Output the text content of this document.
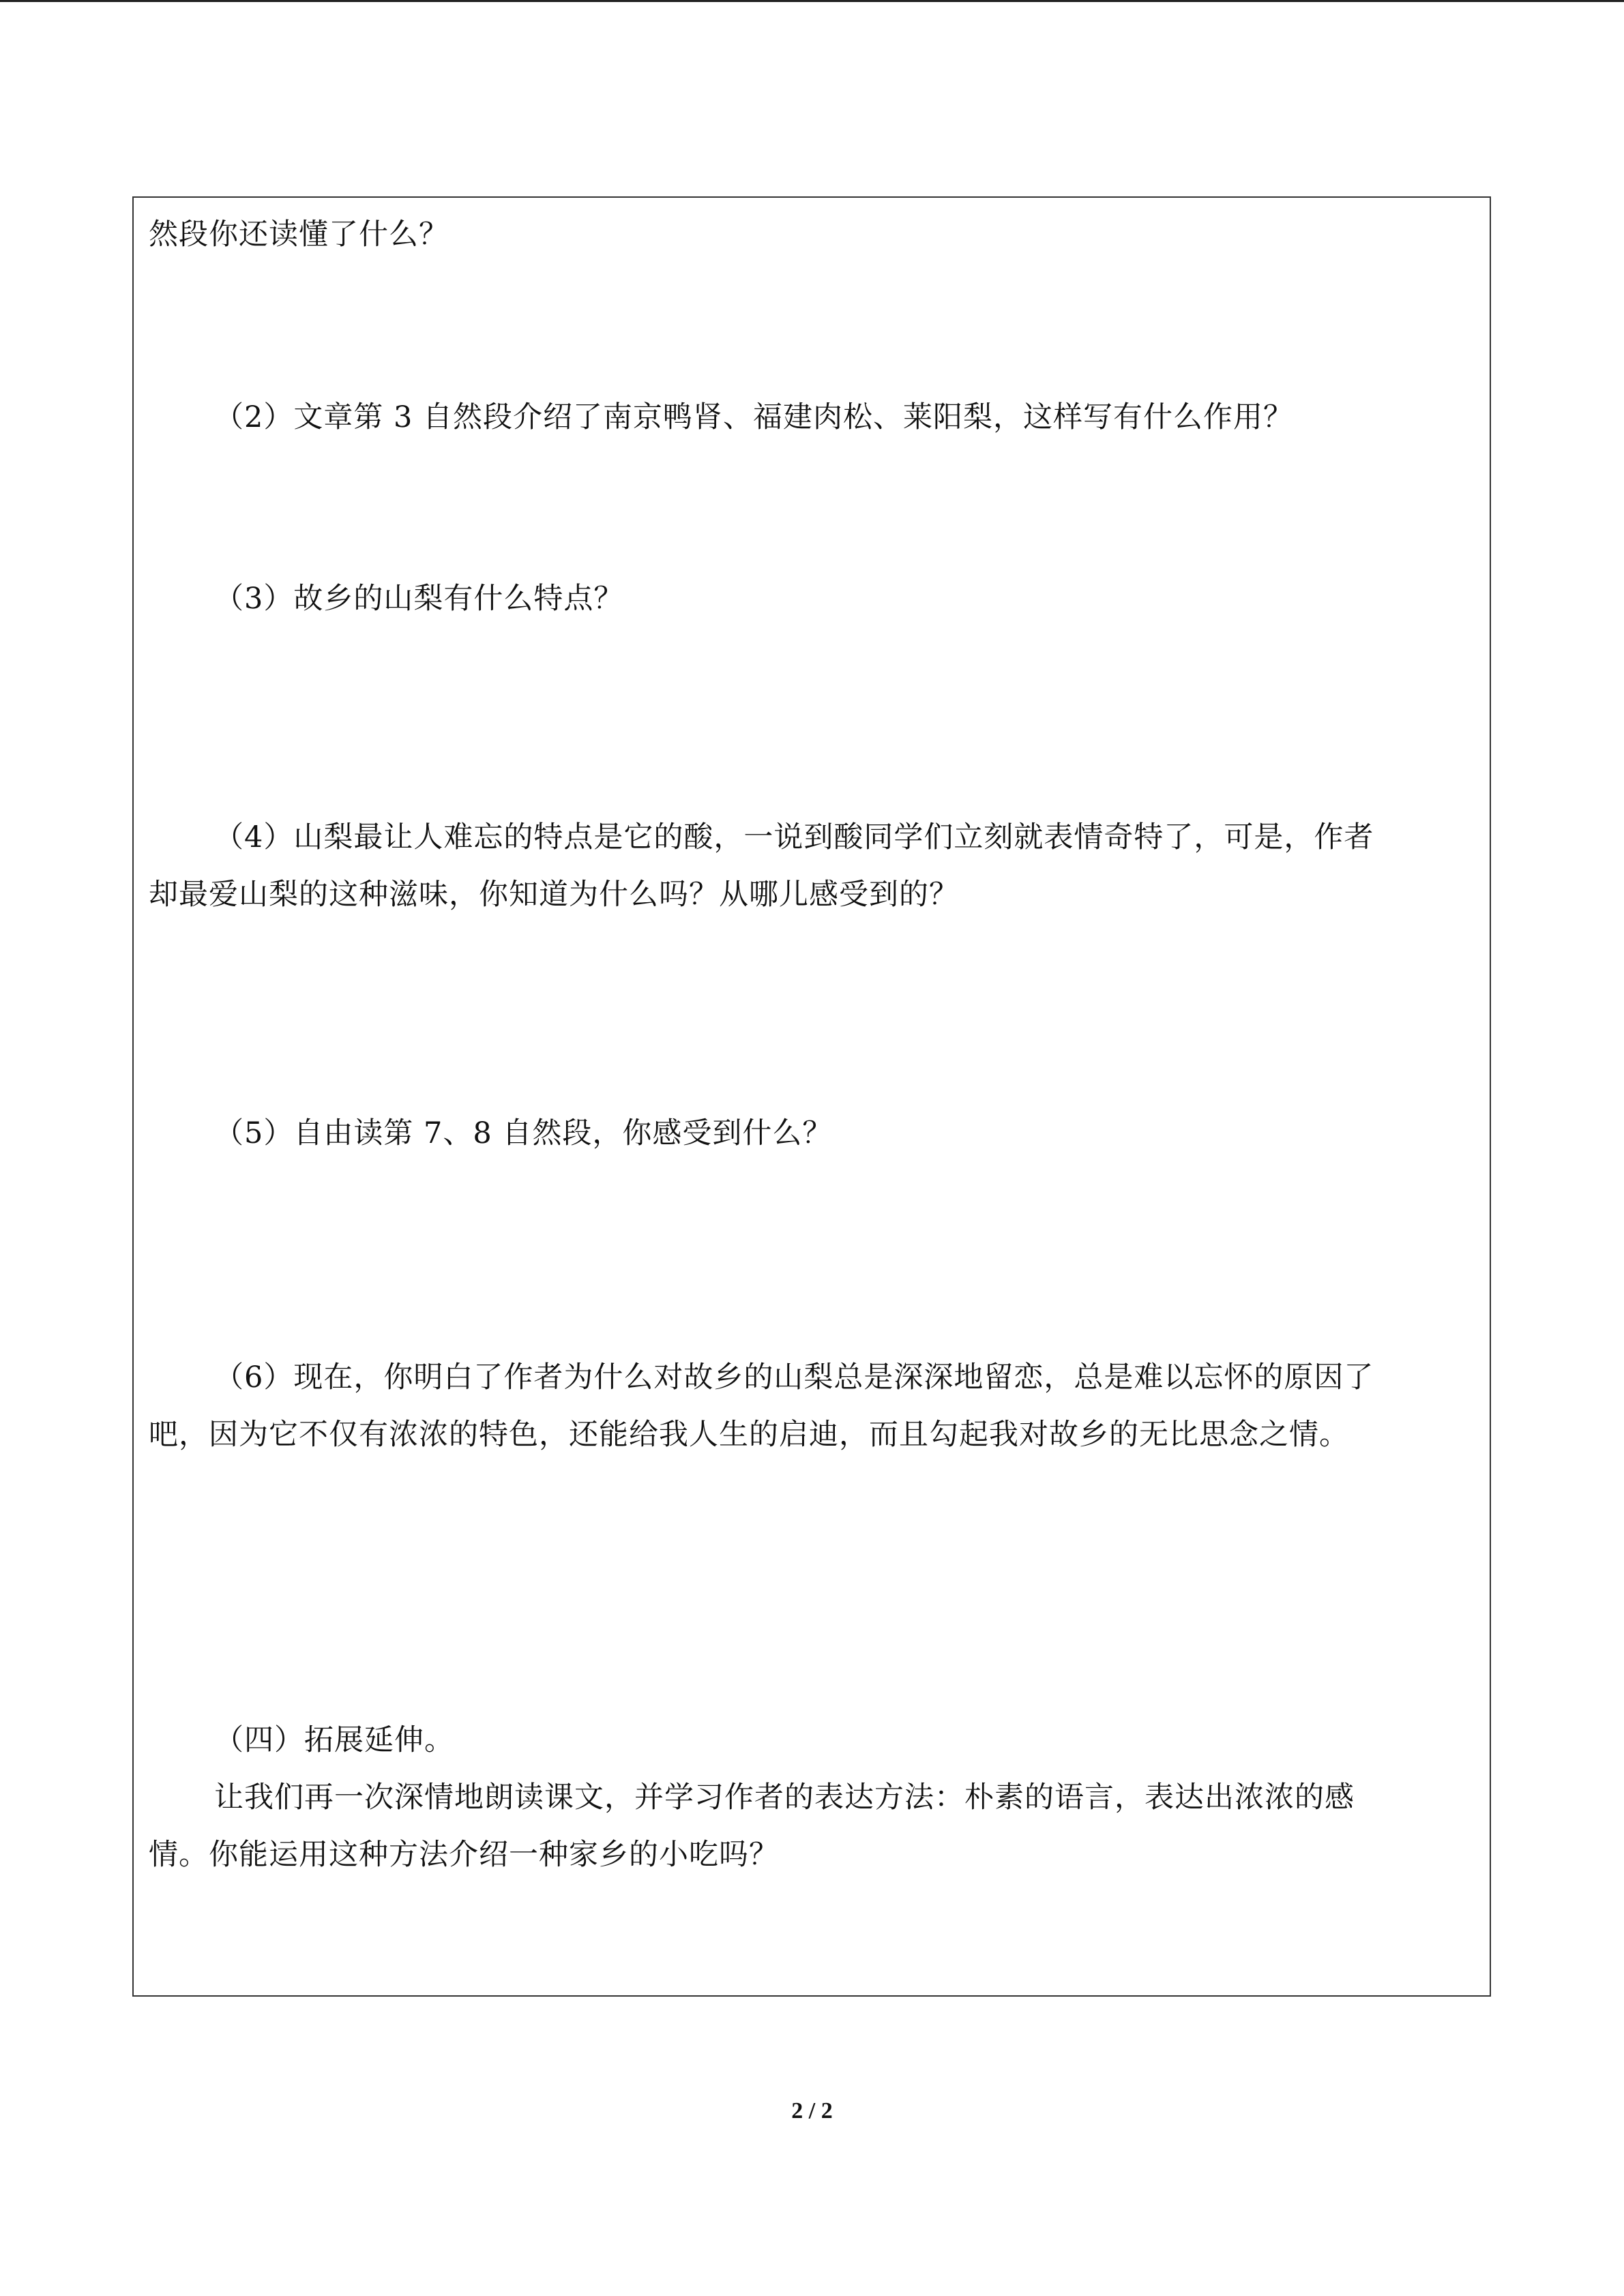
然段你还读懂了什么？
（2）文章第 3 自然段介绍了南京鸭肾、福建肉松、莱阳梨，这样写有什么作用？
（3）故乡的山梨有什么特点？
（4）山梨最让人难忘的特点是它的酸，一说到酸同学们立刻就表情奇特了，可是，作者
却最爱山梨的这种滋味，你知道为什么吗？从哪儿感受到的？
（5）自由读第 7、8 自然段，你感受到什么？
（6）现在，你明白了作者为什么对故乡的山梨总是深深地留恋，总是难以忘怀的原因了
吧，因为它不仅有浓浓的特色，还能给我人生的启迪，而且勾起我对故乡的无比思念之情。
（四）拓展延伸。
让我们再一次深情地朗读课文，并学习作者的表达方法：朴素的语言，表达出浓浓的感
情。你能运用这种方法介绍一种家乡的小吃吗？
2 / 2
